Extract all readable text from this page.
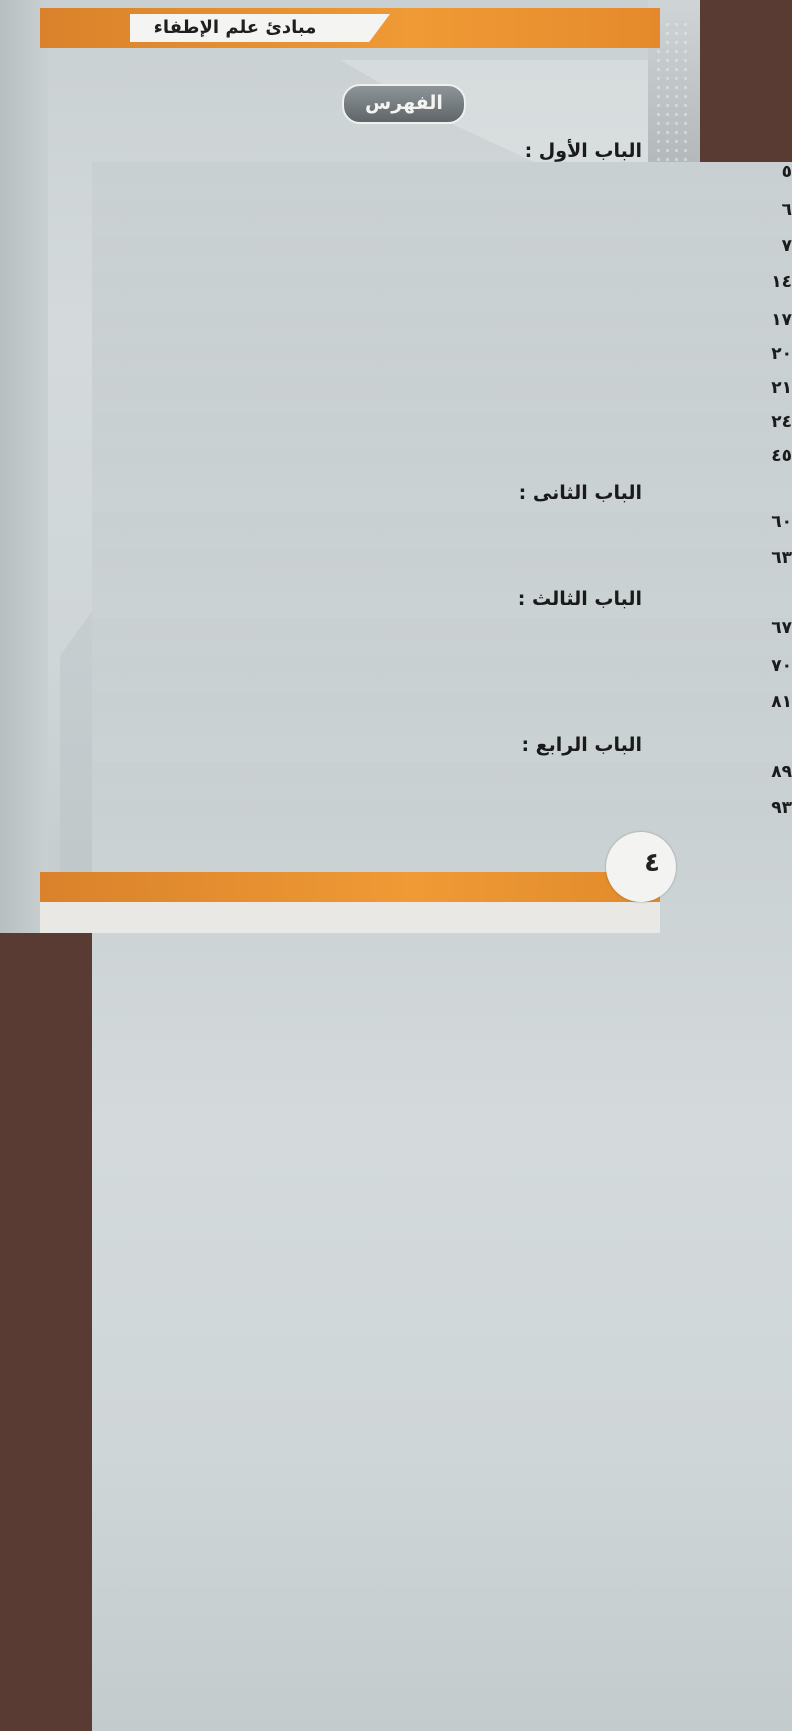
مبادئ علم الإطفاء
الفهرس
الباب الأول :
٥
٦
٧
١٤
١٧
٢٠
٢١
٢٤
٤٥
الباب الثانى :
٦٠
٦٣
الباب الثالث :
٦٧
٧٠
٨١
الباب الرابع :
٨٩
٩٣
٤
